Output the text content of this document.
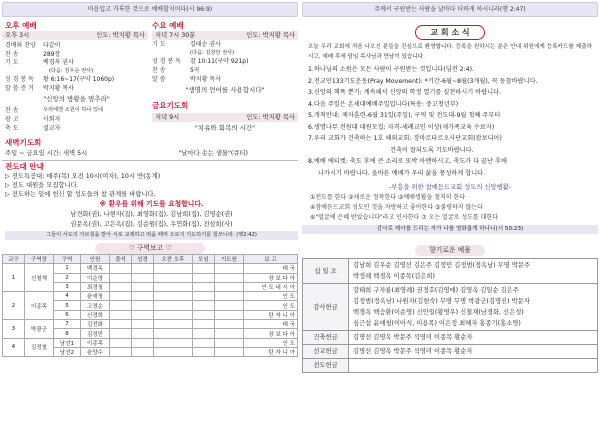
마음입고 거룩한 것으로 예배할지어다(시 96:9)
오후 예배
오후 3시	인도: 박지황 목사
경배와 찬양	다같이
찬 송	289장
기 도	백경옥 권사
(다음: 김우순 권사)
성 경 봉 독	왕 6:16~17(구약 1060p)
말 씀 증 거	박지황 목사
"신앙의 방황을 멈추라"
찬 송	우리에겐 소원이 하나 있네
광 고	사회자
축 도	설교자
수요 예배
저녁 7시 30분	인도: 박지황 목사
기 도	김태순 권사
(다음: 김창만 권사)
성 경 봉 독	잠 10:11(구약 921p)
찬 송	5곡
말 씀	박지황 목사
"생명의 언어를 사용합시다"
금요기도회
저녁 9시	인도: 박지황 목사
"치유와 회복의 시간"
새벽기도회
주일 ~ 금요일 시간: 새벽 5시	"날마다 솟는 샘물"(큐티)
전도대 안내
▷ 전도특공대: 매주(목) 오전 10시(여자), 10시 반(동계)
▷ 전도 대원을 모집합니다.
▷ 전도하는 일에 헌신 할 성도들의 참 관계를 바랍니다.
※ 환우를 위해 기도를 요청합니다.
남견화(권), 나현자(집), 최영화(집), 김남희(집), 김영순(권)
권문옥(권), 고은옥(집), 김순원(집), 우연화(집), 전삼희(사)
그들이 사도의 가르침을 받아 서로 교제하고 떡을 떼며 오로지 기도하기를 힘쓰니라. (행2:42)
♡ 구역보고 ♡
교구	구역장	구역	인원	출석	성경	오전 오후	모임	기도원	보 고
1	신철재	1	백경옥						태 국
		2	이순영						장 보 다 아
		3	최경청						인 도 네 시 아
2	이종목	4	윤애청						인 도
		5	고경순						인 도
		6	신경희						탄 자 니 아
3	박광군	7	김전화						태 국
		8	김정민						장 보 다 아
4	김정철	남선1	이종목						인 도
		남선2	윤양수						탄 자 니 아
주께서 구원받는 사람을 날마다 더하게 하시니라(행 2:47)
교 회 소 식
오늘 우리 교회에 처음 나오신 분들을 진심으로 환영합니다. 등록을 원하시는 분은 안내 위원에게 등록카드를 제출하시고, 예배 후에 담임 목사님과 만남이 있습니다.
1.하나님의 소원은 모든 사람이 구원받는 것입니다(딤전 2:4).
2.전교인133기도운동(Pray Movement): *기간-6월~8월(3개월), 꼭 동참바랍니다.
3.신앙의 핵폭 뿐기: 계속해서 신앙의 학정 열기를 실천하시기 바랍니다.
4.다음 주일은 온세대예배주일입니다(특송: 중고청년부)
5.개척안내: 제자훈련-6월 31일(주일), 구역 및 전도대-9월 첫째 주부터
6.생명나무 전원대 대원모집: 자격-세례교인 이상(세가족교육 수료자)
7.우리 교회가 건축하는 1호 해외교회: 장마르타르오사단교회(캄보디아)
건축이 잘되도록 기도바랍니다.
8.예배 에티켓: 축도 후에 큰 소리로 또박 아멘하시고, 축도가 다 끝난 후에
나가시기 바랍니다. 올바른 예배가 우리 삶을 풍성하게 합니다.
-부흥을 위한 참예듣드교회 성도의 신앙행활-
①전도를 한다 ②새로운 정착한다 ③예배생활을 철저히 한다
④참예듣드교회 성도인 것을 자랑하고 좋아한다 ⑤불평하지 않는다
⑥"얼굴에 은혜 받았습니다"라고 인사한다 ⑦ 오는 얼굴로 성도를 대한다
감사로 제사를 드리는 자가 나를 영화롭게 하나니(시 50:23)
향기로운 예물
십 일 조	김남희 김우순 김영선 김은주 김정민 김정범(정옥남) 무명 박문주
박정례 백경옥 이종목(김은희)

감사헌금	강태희 구자룡(최영례) 권정호(김영애) 김영옥 김일순 김은주
김정범(정옥남) 나원자(김현숙) 무명 무명 박광군(김명진) 박문자
백경옥 백승환(이순영) 신안일(황영우) 신철재(남경화, 신은성)
심근섭 윤애청(이아식, 이용목) 이은정 최혜자 홍종기(홍소영)

건축헌금	김명선 김영옥 박문주 석영미 이종목 황순자

선교헌금	김명선 김영옥 박문주 석영미 이종목 황순자

전도헌금	
